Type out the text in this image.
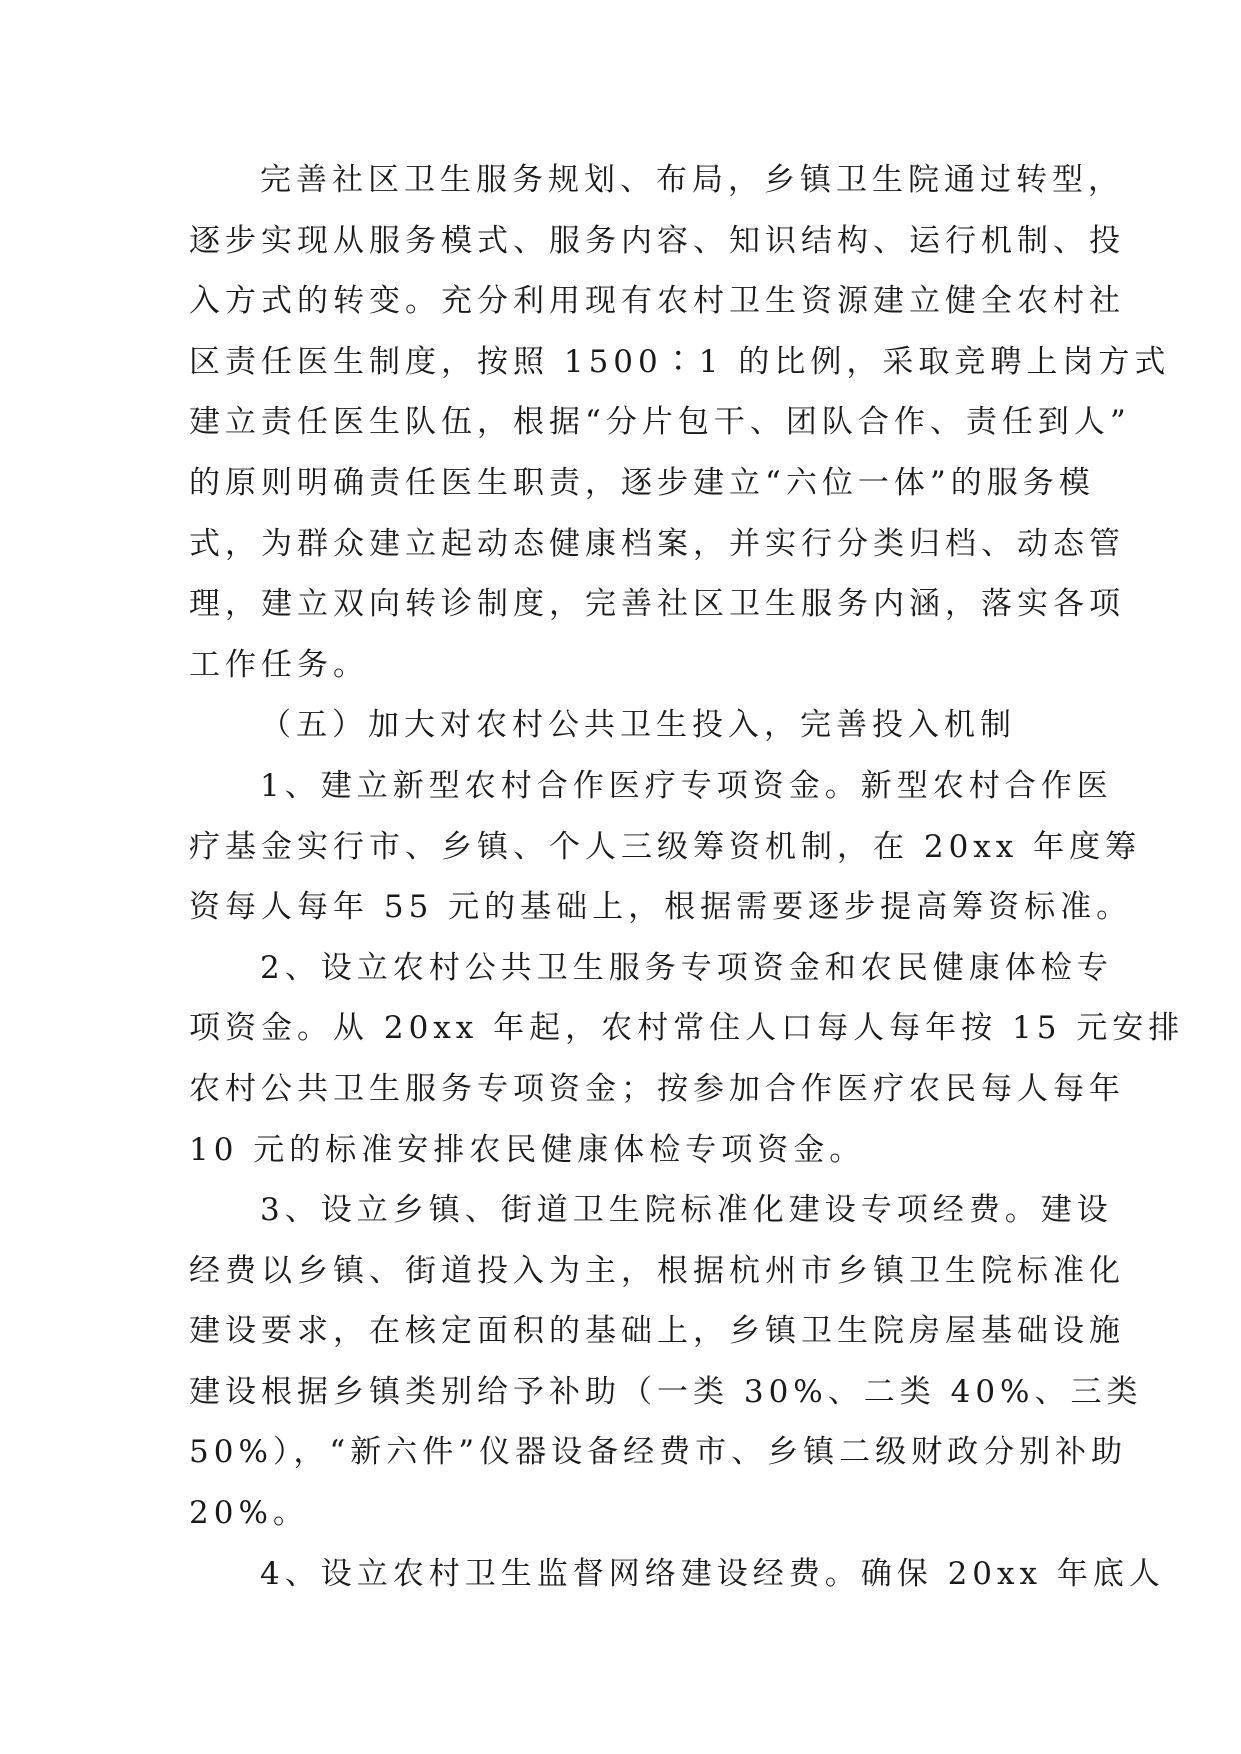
完善社区卫生服务规划、布局，乡镇卫生院通过转型，
逐步实现从服务模式、服务内容、知识结构、运行机制、投
入方式的转变。充分利用现有农村卫生资源建立健全农村社
区责任医生制度，按照 1500∶1 的比例，采取竞聘上岗方式
建立责任医生队伍，根据“分片包干、团队合作、责任到人”
的原则明确责任医生职责，逐步建立“六位一体”的服务模
式，为群众建立起动态健康档案，并实行分类归档、动态管
理，建立双向转诊制度，完善社区卫生服务内涵，落实各项
工作任务。
（五）加大对农村公共卫生投入，完善投入机制
1、建立新型农村合作医疗专项资金。新型农村合作医
疗基金实行市、乡镇、个人三级筹资机制，在 20xx 年度筹
资每人每年 55 元的基础上，根据需要逐步提高筹资标准。
2、设立农村公共卫生服务专项资金和农民健康体检专
项资金。从 20xx 年起，农村常住人口每人每年按 15 元安排
农村公共卫生服务专项资金；按参加合作医疗农民每人每年
10 元的标准安排农民健康体检专项资金。
3、设立乡镇、街道卫生院标准化建设专项经费。建设
经费以乡镇、街道投入为主，根据杭州市乡镇卫生院标准化
建设要求，在核定面积的基础上，乡镇卫生院房屋基础设施
建设根据乡镇类别给予补助（一类 30%、二类 40%、三类
50%），“新六件”仪器设备经费市、乡镇二级财政分别补助
20%。
4、设立农村卫生监督网络建设经费。确保 20xx 年底人
